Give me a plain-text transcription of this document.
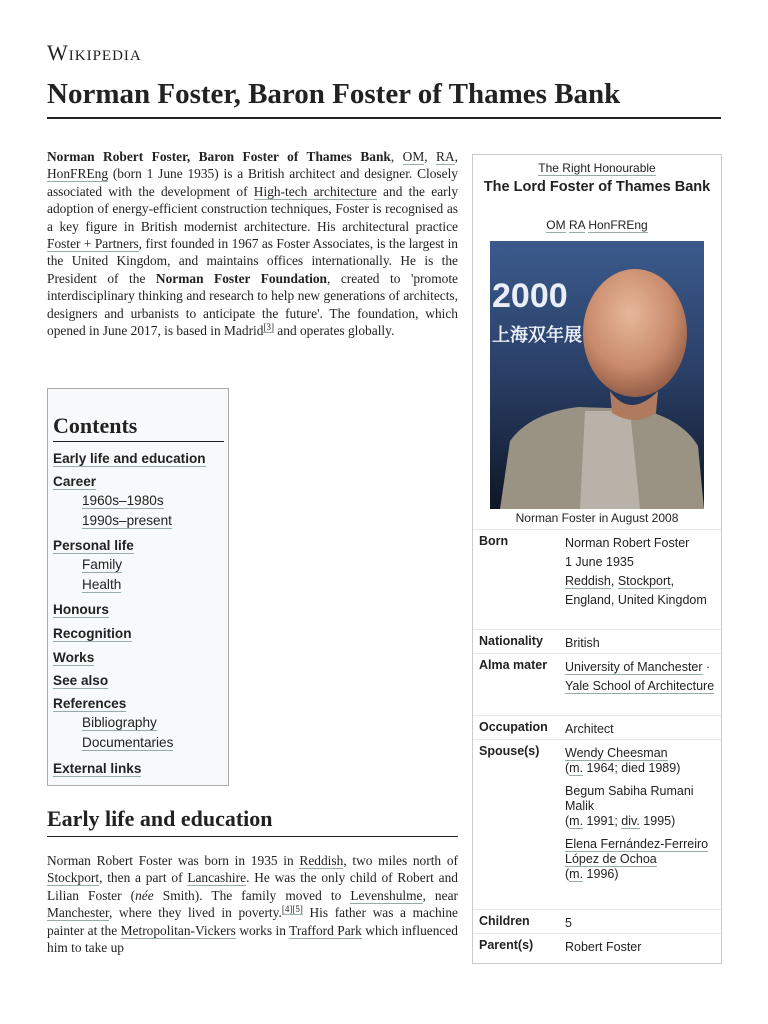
Wikipedia
Norman Foster, Baron Foster of Thames Bank

Norman Robert Foster, Baron Foster of Thames Bank, OM, RA, HonFREng (born 1 June 1935) is a British architect and designer. Closely associated with the development of High-tech architecture and the early adoption of energy-efficient construction techniques, Foster is recognised as a key figure in British modernist architecture. His architectural practice Foster + Partners, first founded in 1967 as Foster Associates, is the largest in the United Kingdom, and maintains offices internationally. He is the President of the Norman Foster Foundation, created to 'promote interdisciplinary thinking and research to help new generations of architects, designers and urbanists to anticipate the future'. The foundation, which opened in June 2017, is based in Madrid[3] and operates globally.

Contents
Early life and education
Career
1960s–1980s
1990s–present
Personal life
Family
Health
Honours
Recognition
Works
See also
References
Bibliography
Documentaries
External links
Early life and education

Norman Robert Foster was born in 1935 in Reddish, two miles north of Stockport, then a part of Lancashire. He was the only child of Robert and Lilian Foster (née Smith). The family moved to Levenshulme, near Manchester, where they lived in poverty.[4][5] His father was a machine painter at the Metropolitan-Vickers works in Trafford Park which influenced him to take up

The Right Honourable
The Lord Foster of Thames Bank
OM RA HonFREng
2000
上海双年展
Norman Foster in August 2008
Born	Norman Robert Foster
1 June 1935
Reddish, Stockport, England, United Kingdom
Nationality British
Alma mater University of Manchester · Yale School of Architecture
Occupation Architect
Spouse(s) Wendy Cheesman
(m. 1964; died 1989)
Begum Sabiha Rumani Malik
(m. 1991; div. 1995)
Elena Fernández-Ferreiro López de Ochoa
(m. 1996)
Children	5
Parent(s)	Robert Foster
